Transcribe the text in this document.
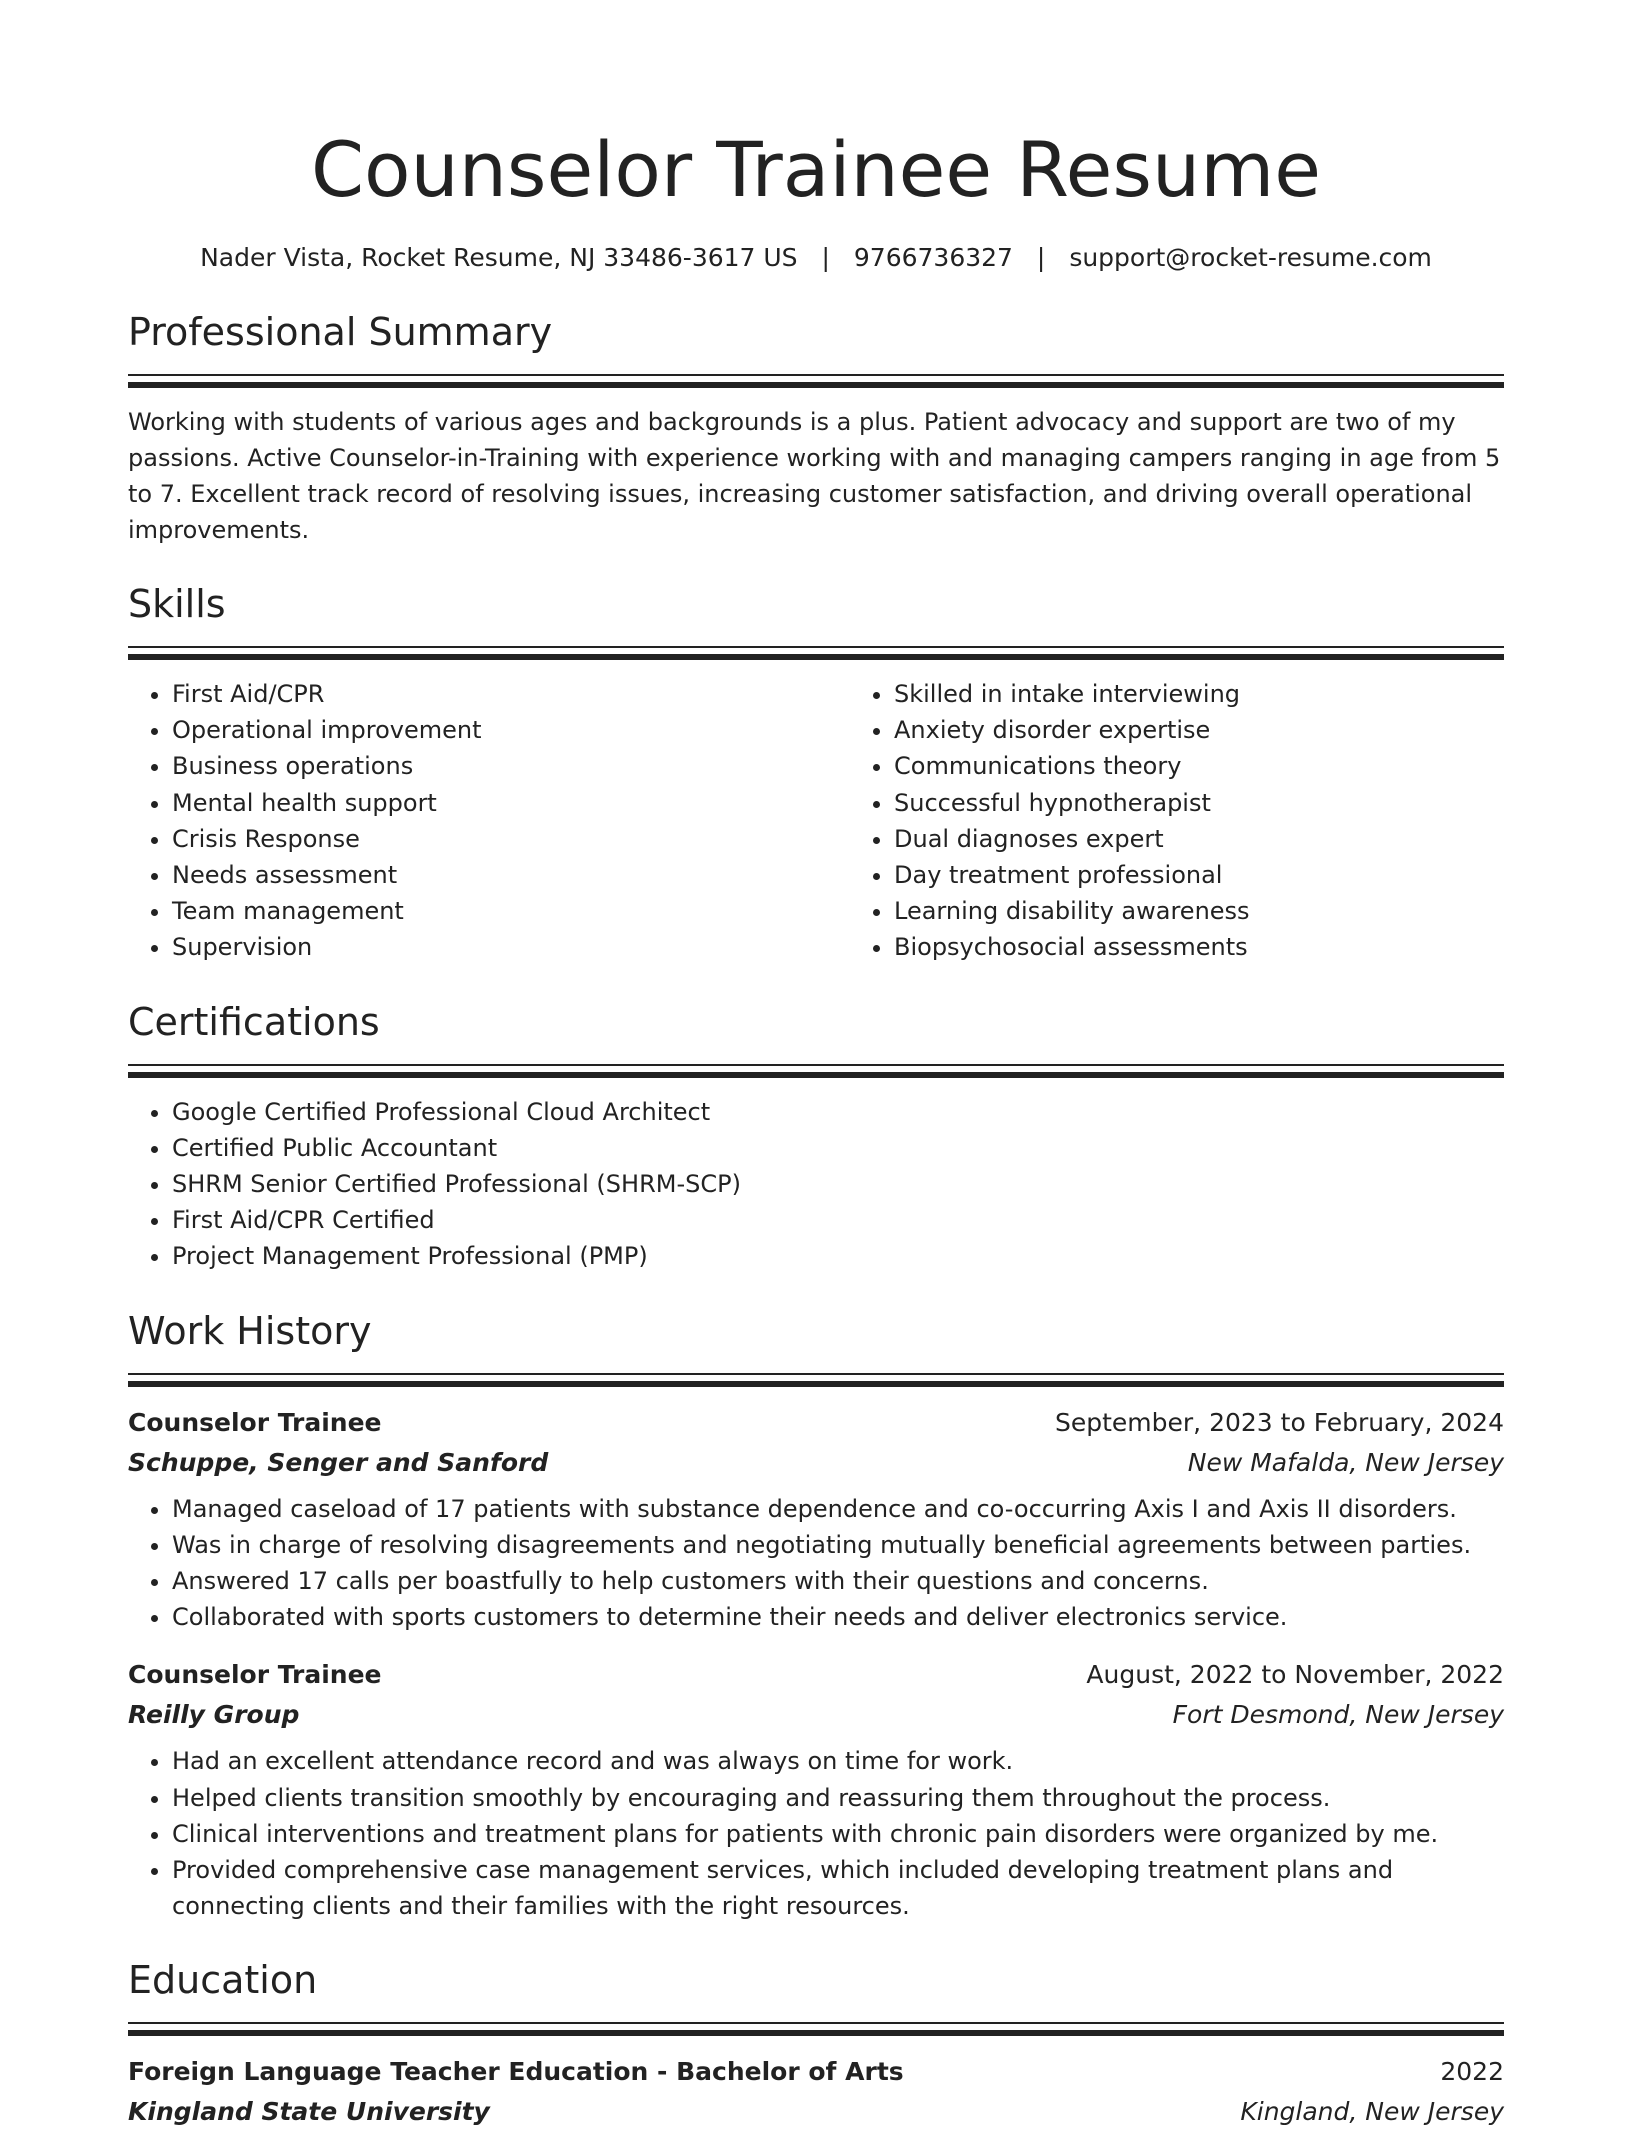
Counselor Trainee Resume
Nader Vista, Rocket Resume, NJ 33486-3617 US | 9766736327 | support@rocket-resume.com
Professional Summary

Working with students of various ages and backgrounds is a plus. Patient advocacy and support are two of my passions. Active Counselor-in-Training with experience working with and managing campers ranging in age from 5 to 7. Excellent track record of resolving issues, increasing customer satisfaction, and driving overall operational improvements.

Skills
• First Aid/CPR
• Operational improvement
• Business operations
• Mental health support
• Crisis Response
• Needs assessment
• Team management
• Supervision
• Skilled in intake interviewing
• Anxiety disorder expertise
• Communications theory
• Successful hypnotherapist
• Dual diagnoses expert
• Day treatment professional
• Learning disability awareness
• Biopsychosocial assessments
Certifications
• Google Certified Professional Cloud Architect
• Certified Public Accountant
• SHRM Senior Certified Professional (SHRM-SCP)
• First Aid/CPR Certified
• Project Management Professional (PMP)
Work History
Counselor Trainee	September, 2023 to February, 2024
Schuppe, Senger and Sanford	New Mafalda, New Jersey
• Managed caseload of 17 patients with substance dependence and co-occurring Axis I and Axis II disorders.
• Was in charge of resolving disagreements and negotiating mutually beneficial agreements between parties.
• Answered 17 calls per boastfully to help customers with their questions and concerns.
• Collaborated with sports customers to determine their needs and deliver electronics service.
Counselor Trainee	August, 2022 to November, 2022
Reilly Group	Fort Desmond, New Jersey
• Had an excellent attendance record and was always on time for work.
• Helped clients transition smoothly by encouraging and reassuring them throughout the process.
• Clinical interventions and treatment plans for patients with chronic pain disorders were organized by me.
• Provided comprehensive case management services, which included developing treatment plans and connecting clients and their families with the right resources.
Education
Foreign Language Teacher Education - Bachelor of Arts	2022
Kingland State University	Kingland, New Jersey
